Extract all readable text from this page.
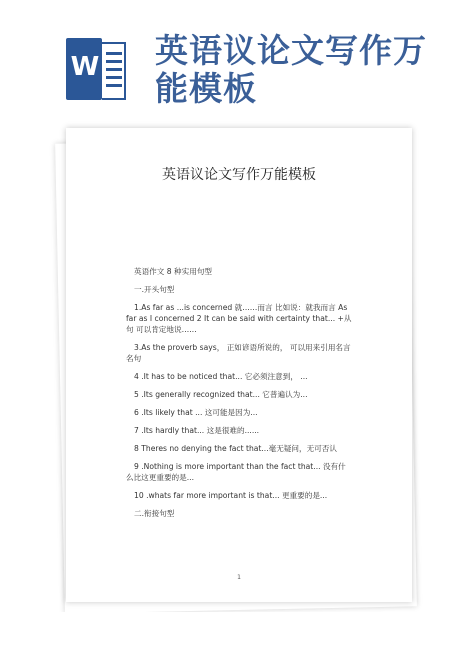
W 英语议论文写作万能模板
英语议论文写作万能模板

英语作文 8 种实用句型

一.开头句型

1.As far as ...is concerned 就……而言 比如说：就我而言 As far as I concerned 2 It can be said with certainty that... +从句 可以肯定地说……

3.As the proverb says， 正如谚语所说的， 可以用来引用名言名句

4 .It has to be noticed that... 它必须注意到， ...

5 .Its generally recognized that... 它普遍认为...

6 .Its likely that ... 这可能是因为...

7 .Its hardly that... 这是很难的......

8 Theres no denying the fact that...毫无疑问，无可否认

9 .Nothing is more important than the fact that... 没有什么比这更重要的是...

10 .whats far more important is that... 更重要的是...

二.衔接句型

1
